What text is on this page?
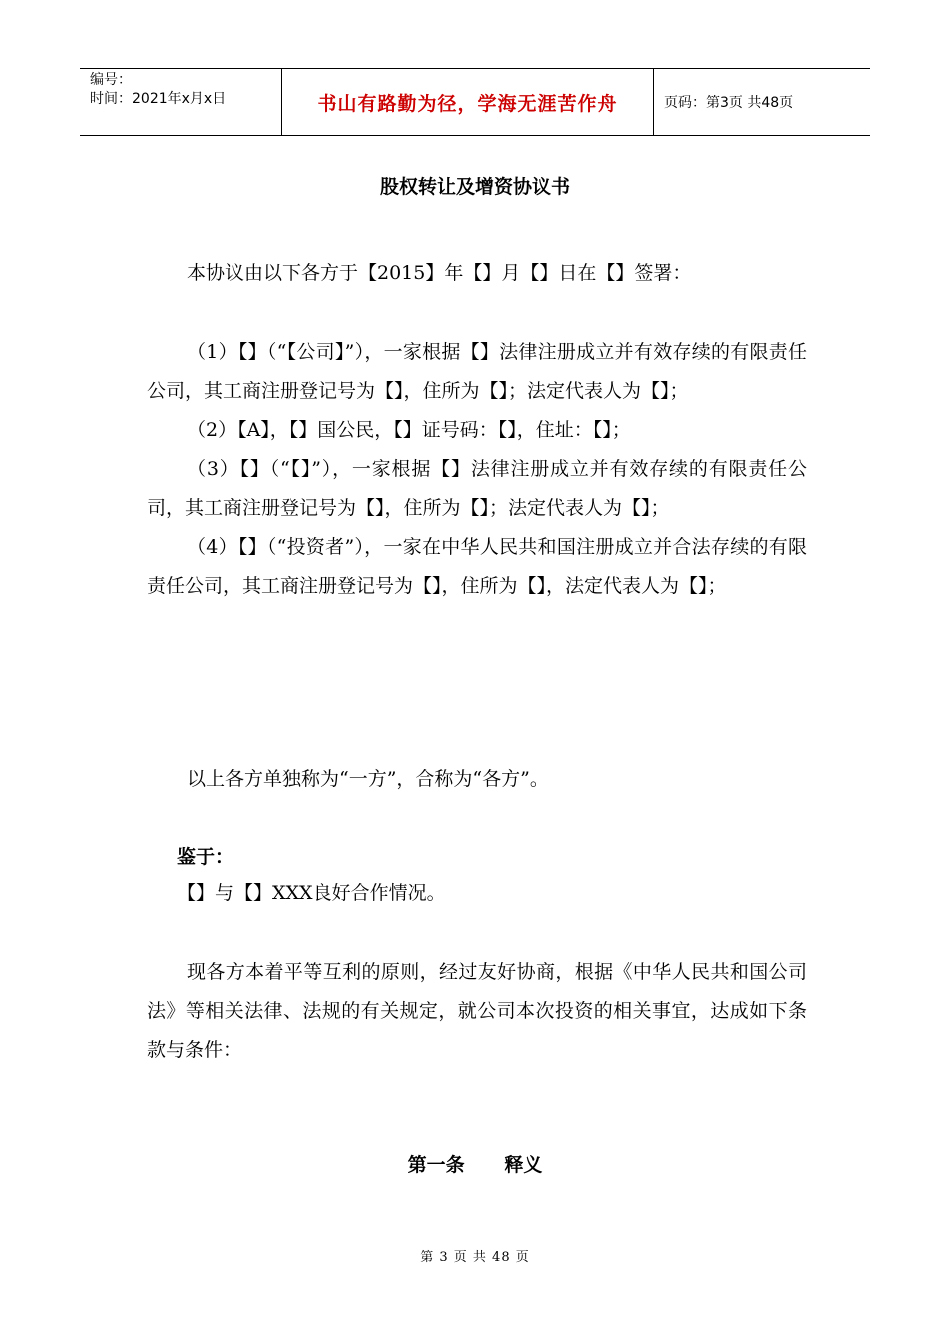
编号：
时间：2021年x月x日	书山有路勤为径，学海无涯苦作舟	页码：第3页 共48页
股权转让及增资协议书

本协议由以下各方于【2015】年【】月【】日在【】签署：

（1）【】（“【公司】”），一家根据【】法律注册成立并有效存续的有限责任公司，其工商注册登记号为【】，住所为【】；法定代表人为【】；

（2）【A】，【】国公民，【】证号码：【】，住址：【】；

（3）【】（“【】”），一家根据【】法律注册成立并有效存续的有限责任公司，其工商注册登记号为【】，住所为【】；法定代表人为【】；

（4）【】（“投资者”），一家在中华人民共和国注册成立并合法存续的有限责任公司，其工商注册登记号为【】，住所为【】，法定代表人为【】；

以上各方单独称为“一方”，合称为“各方”。

鉴于：

【】与【】XXX良好合作情况。

现各方本着平等互利的原则，经过友好协商，根据《中华人民共和国公司法》等相关法律、法规的有关规定，就公司本次投资的相关事宜，达成如下条款与条件：

第一条      释义
第 3 页 共 48 页
